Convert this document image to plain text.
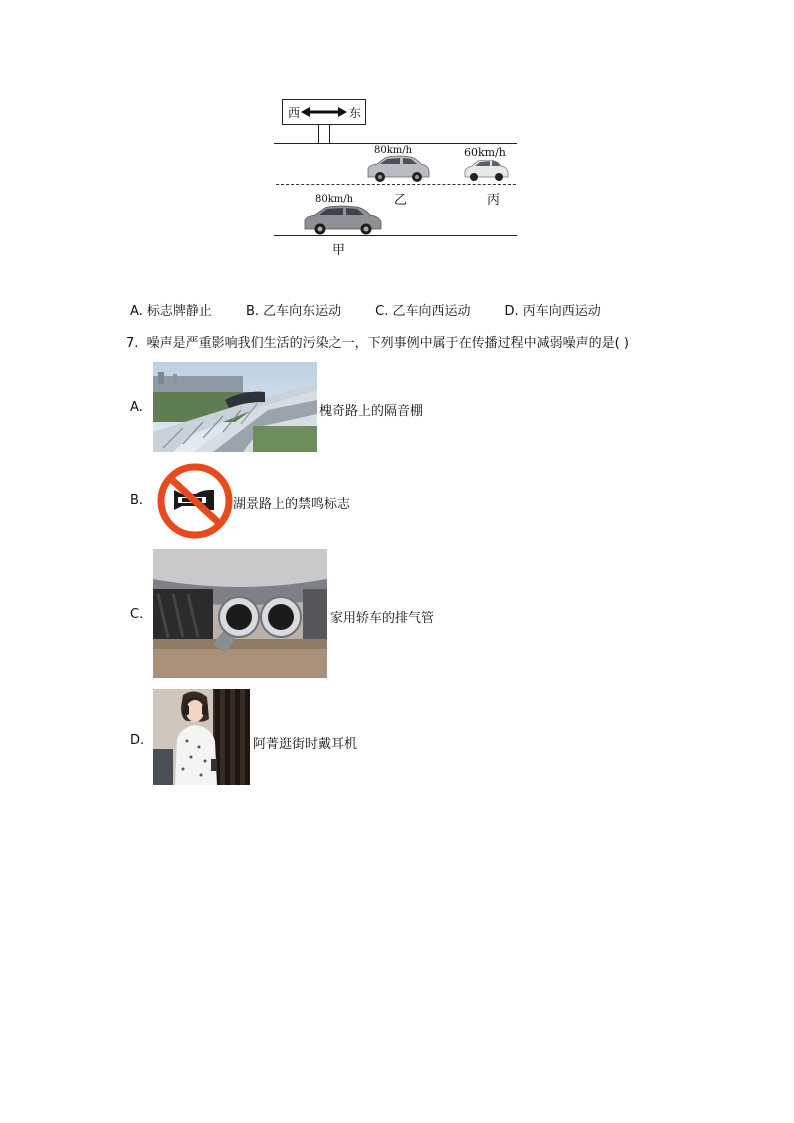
西	东
80km/h
乙
60km/h
丙
80km/h
甲
A. 标志牌静止	B. 乙车向东运动	C. 乙车向西运动	D. 丙车向西运动
7. 噪声是严重影响我们生活的污染之一，下列事例中属于在传播过程中减弱噪声的是( )
A.	槐奇路上的隔音棚
B.	湖景路上的禁鸣标志
C.	家用轿车的排气管
D.	阿菁逛街时戴耳机
